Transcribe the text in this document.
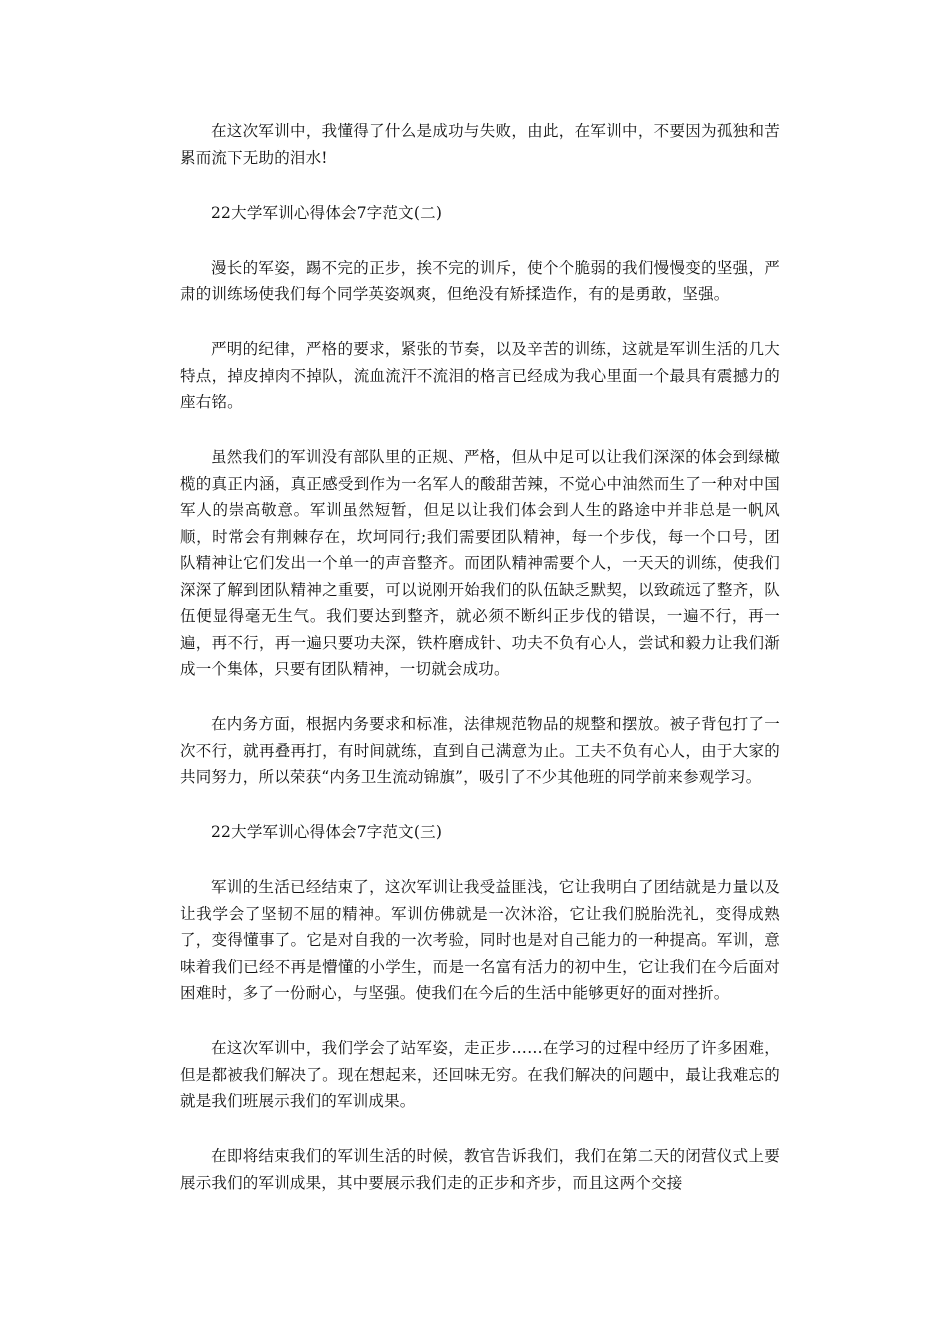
在这次军训中，我懂得了什么是成功与失败，由此，在军训中，不要因为孤独和苦累而流下无助的泪水!

22大学军训心得体会7字范文(二)

漫长的军姿，踢不完的正步，挨不完的训斥，使个个脆弱的我们慢慢变的坚强，严肃的训练场使我们每个同学英姿飒爽，但绝没有矫揉造作，有的是勇敢，坚强。

严明的纪律，严格的要求，紧张的节奏，以及辛苦的训练，这就是军训生活的几大特点，掉皮掉肉不掉队，流血流汗不流泪的格言已经成为我心里面一个最具有震撼力的座右铭。

虽然我们的军训没有部队里的正规、严格，但从中足可以让我们深深的体会到绿橄榄的真正内涵，真正感受到作为一名军人的酸甜苦辣，不觉心中油然而生了一种对中国军人的崇高敬意。军训虽然短暂，但足以让我们体会到人生的路途中并非总是一帆风顺，时常会有荆棘存在，坎坷同行;我们需要团队精神，每一个步伐，每一个口号，团队精神让它们发出一个单一的声音整齐。而团队精神需要个人，一天天的训练，使我们深深了解到团队精神之重要，可以说刚开始我们的队伍缺乏默契，以致疏远了整齐，队伍便显得毫无生气。我们要达到整齐，就必须不断纠正步伐的错误，一遍不行，再一遍，再不行，再一遍只要功夫深，铁杵磨成针、功夫不负有心人，尝试和毅力让我们渐成一个集体，只要有团队精神，一切就会成功。

在内务方面，根据内务要求和标准，法律规范物品的规整和摆放。被子背包打了一次不行，就再叠再打，有时间就练，直到自己满意为止。工夫不负有心人，由于大家的共同努力，所以荣获“内务卫生流动锦旗”，吸引了不少其他班的同学前来参观学习。

22大学军训心得体会7字范文(三)

军训的生活已经结束了，这次军训让我受益匪浅，它让我明白了团结就是力量以及让我学会了坚韧不屈的精神。军训仿佛就是一次沐浴，它让我们脱胎洗礼，变得成熟了，变得懂事了。它是对自我的一次考验，同时也是对自己能力的一种提高。军训，意味着我们已经不再是懵懂的小学生，而是一名富有活力的初中生，它让我们在今后面对困难时，多了一份耐心，与坚强。使我们在今后的生活中能够更好的面对挫折。

在这次军训中，我们学会了站军姿，走正步……在学习的过程中经历了许多困难，但是都被我们解决了。现在想起来，还回味无穷。在我们解决的问题中，最让我难忘的就是我们班展示我们的军训成果。

在即将结束我们的军训生活的时候，教官告诉我们，我们在第二天的闭营仪式上要展示我们的军训成果，其中要展示我们走的正步和齐步，而且这两个交接
